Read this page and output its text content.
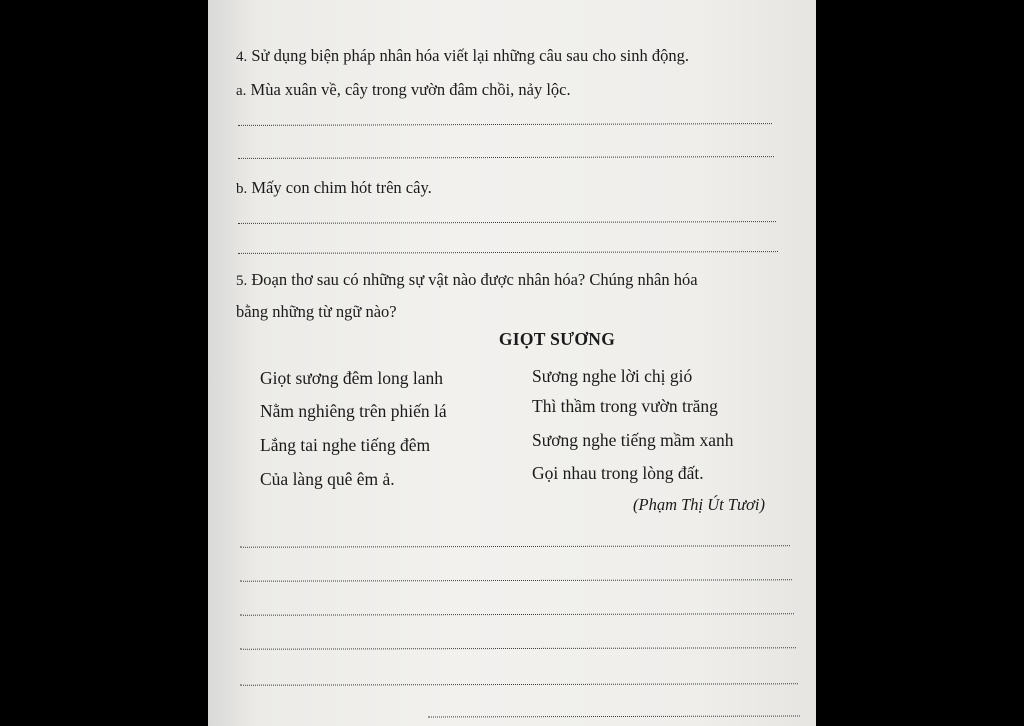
4. Sử dụng biện pháp nhân hóa viết lại những câu sau cho sinh động.
a. Mùa xuân về, cây trong vườn đâm chồi, nảy lộc.
b. Mấy con chim hót trên cây.
5. Đoạn thơ sau có những sự vật nào được nhân hóa? Chúng nhân hóa
bằng những từ ngữ nào?
GIỌT SƯƠNG
Giọt sương đêm long lanh
Nằm nghiêng trên phiến lá
Lắng tai nghe tiếng đêm
Của làng quê êm ả.
Sương nghe lời chị gió
Thì thầm trong vườn trăng
Sương nghe tiếng mầm xanh
Gọi nhau trong lòng đất.
(Phạm Thị Út Tươi)
